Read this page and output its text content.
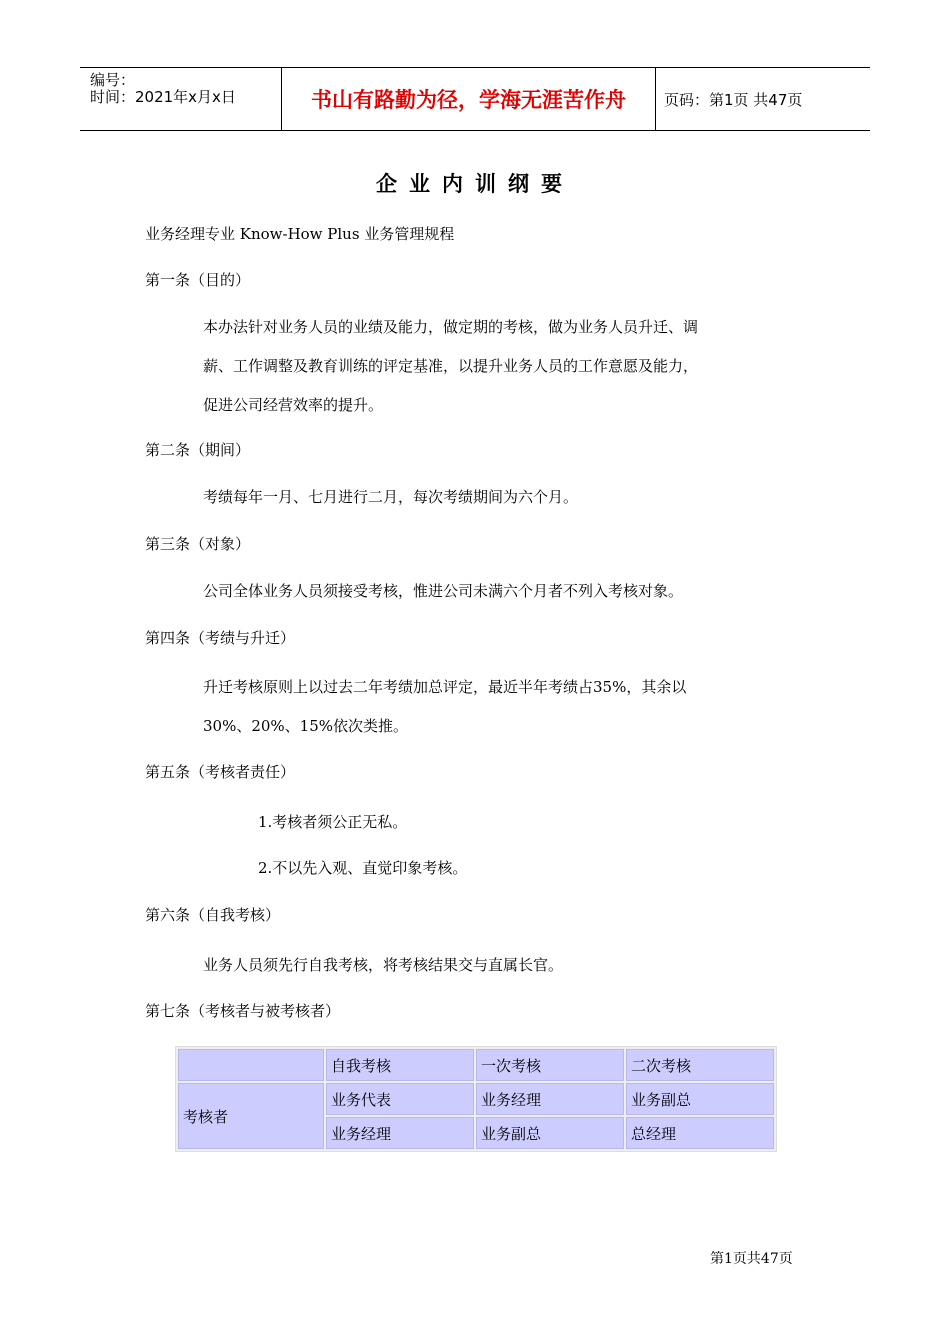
编号：
时间：2021年x月x日	书山有路勤为径，学海无涯苦作舟	页码：第1页 共47页
企业内训纲要
业务经理专业 Know-How Plus 业务管理规程
第一条（目的）
本办法针对业务人员的业绩及能力，做定期的考核，做为业务人员升迁、调
薪、工作调整及教育训练的评定基准，以提升业务人员的工作意愿及能力，
促进公司经营效率的提升。
第二条（期间）
考绩每年一月、七月进行二月，每次考绩期间为六个月。
第三条（对象）
公司全体业务人员须接受考核，惟进公司未满六个月者不列入考核对象。
第四条（考绩与升迁）
升迁考核原则上以过去二年考绩加总评定，最近半年考绩占35%，其余以
30%、20%、15%依次类推。
第五条（考核者责任）
1.考核者须公正无私。
2.不以先入观、直觉印象考核。
第六条（自我考核）
业务人员须先行自我考核，将考核结果交与直属长官。
第七条（考核者与被考核者）
	自我考核	一次考核	二次考核
考核者	业务代表	业务经理	业务副总
	业务经理	业务副总	总经理
第1页共47页
